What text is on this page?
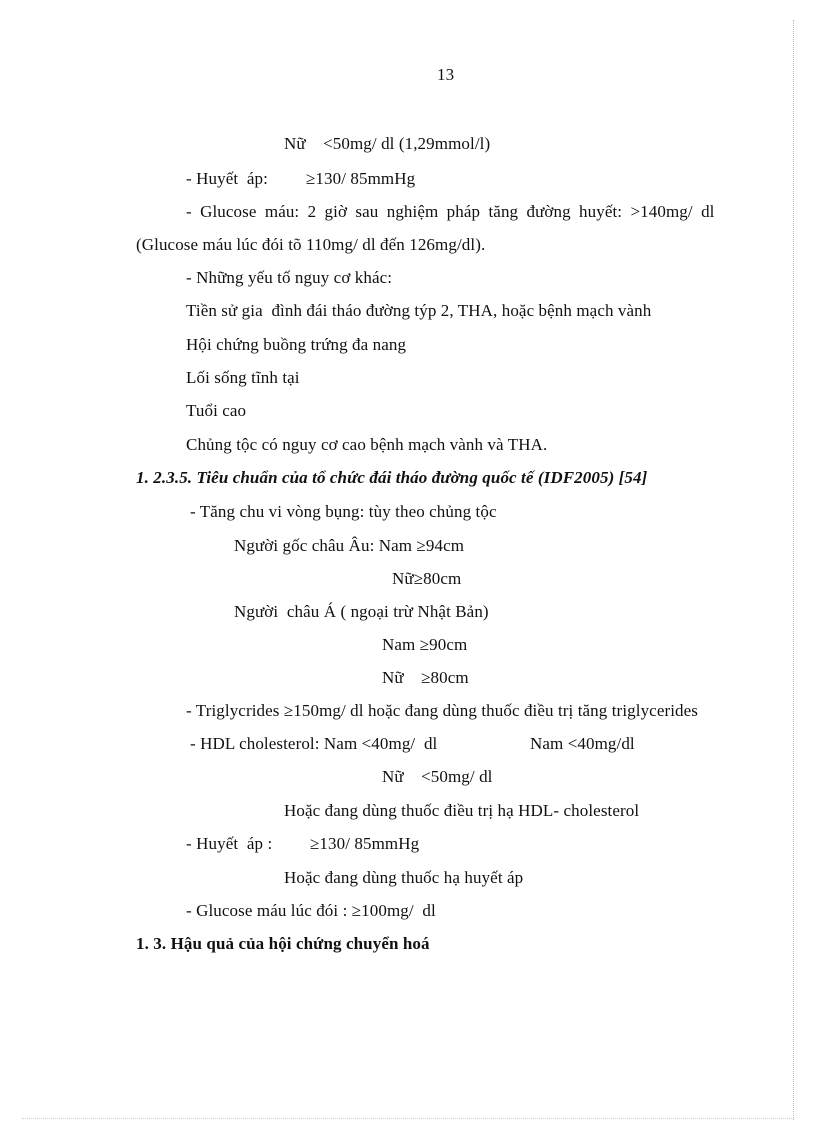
13
Nữ    <50mg/ dl (1,29mmol/l)
- Huyết  áp: ≥130/ 85mmHg
- Glucose máu: 2 giờ sau nghiệm pháp tăng đường huyết: >140mg/ dl
(Glucose máu lúc đói tõ 110mg/ dl đến 126mg/dl).
- Những yếu tố nguy cơ khác:
Tiền sử gia  đình đái tháo đường týp 2, THA, hoặc bệnh mạch vành
Hội chứng buồng trứng đa nang
Lối sống tĩnh tại
Tuổi cao
Chủng tộc có nguy cơ cao bệnh mạch vành và THA.
1. 2.3.5. Tiêu chuẩn của tổ chức đái tháo đường quốc tế (IDF2005) [54]
- Tăng chu vi vòng bụng: tùy theo chủng tộc
Người gốc châu Âu: Nam ≥94cm
Nữ≥80cm
Người  châu Á ( ngoại trừ Nhật Bản)
Nam ≥90cm
Nữ    ≥80cm
- Triglycrides ≥150mg/ dl hoặc đang dùng thuốc điều trị tăng triglycerides
- HDL cholesterol: Nam <40mg/  dl	Nam <40mg/dl
Nữ    <50mg/ dl
Hoặc đang dùng thuốc điều trị hạ HDL- cholesterol
- Huyết  áp : ≥130/ 85mmHg
Hoặc đang dùng thuốc hạ huyết áp
- Glucose máu lúc đói : ≥100mg/  dl
1. 3. Hậu quả của hội chứng chuyển hoá
